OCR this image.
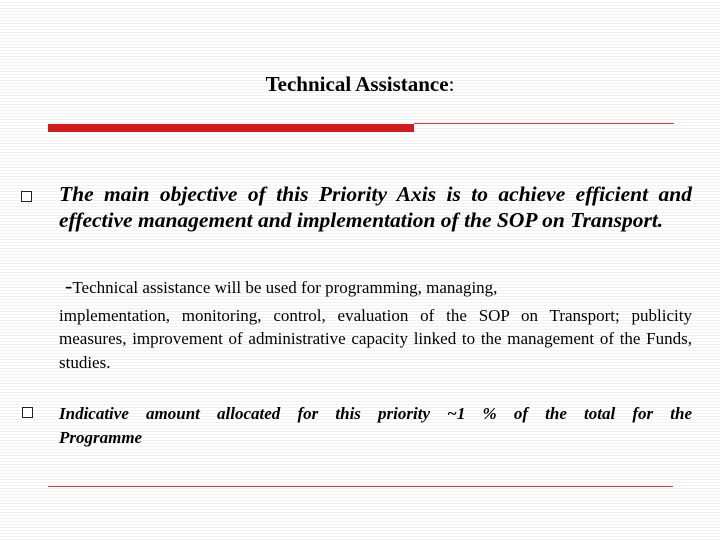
Technical Assistance:
The main objective of this Priority Axis is to achieve efficient and effective management and implementation of the SOP on Transport.
-Technical assistance will be used for programming, managing,
implementation, monitoring, control, evaluation of the SOP on Transport; publicity measures, improvement of administrative capacity linked to the management of the Funds, studies.
Indicative amount allocated for this priority ~1 % of the total for the
Programme
